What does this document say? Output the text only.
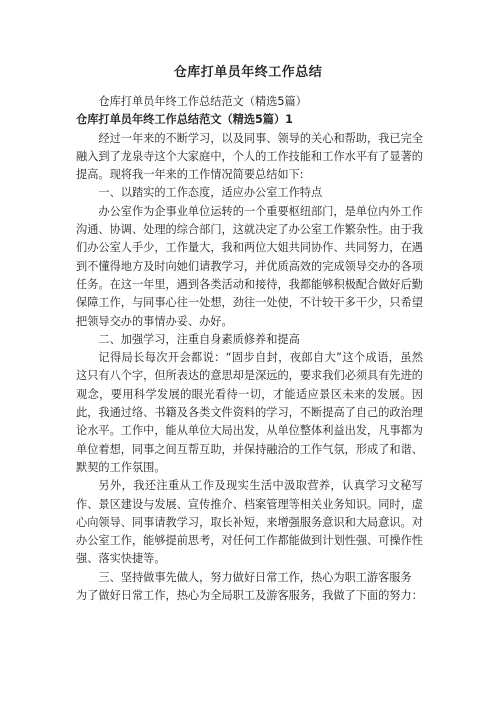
仓库打单员年终工作总结

仓库打单员年终工作总结范文（精选5篇）

仓库打单员年终工作总结范文（精选5篇）1

经过一年来的不断学习，以及同事、领导的关心和帮助，我已完全融入到了龙泉寺这个大家庭中，个人的工作技能和工作水平有了显著的提高。现将我一年来的工作情况简要总结如下:

一、以踏实的工作态度，适应办公室工作特点

办公室作为企事业单位运转的一个重要枢纽部门，是单位内外工作沟通、协调、处理的综合部门，这就决定了办公室工作繁杂性。由于我们办公室人手少，工作量大，我和两位大姐共同协作、共同努力，在遇到不懂得地方及时向她们请教学习，并优质高效的完成领导交办的各项任务。在这一年里，遇到各类活动和接待，我都能够积极配合做好后勤保障工作，与同事心往一处想，劲往一处使，不计较干多干少，只希望把领导交办的事情办妥、办好。

二、加强学习，注重自身素质修养和提高

记得局长每次开会都说：“固步自封，夜郎自大”这个成语，虽然这只有八个字，但所表达的意思却是深远的，要求我们必须具有先进的观念，要用科学发展的眼光看待一切，才能适应景区未来的发展。因此，我通过络、书籍及各类文件资料的学习，不断提高了自己的政治理论水平。工作中，能从单位大局出发，从单位整体利益出发，凡事都为单位着想，同事之间互帮互助，并保持融洽的工作气氛，形成了和谐、默契的工作氛围。

另外，我还注重从工作及现实生活中汲取营养，认真学习文秘写作、景区建设与发展、宣传推介、档案管理等相关业务知识。同时，虚心向领导、同事请教学习，取长补短，来增强服务意识和大局意识。对办公室工作，能够提前思考，对任何工作都能做到计划性强、可操作性强、落实快捷等。

三、坚持做事先做人，努力做好日常工作，热心为职工游客服务

为了做好日常工作，热心为全局职工及游客服务，我做了下面的努力：
